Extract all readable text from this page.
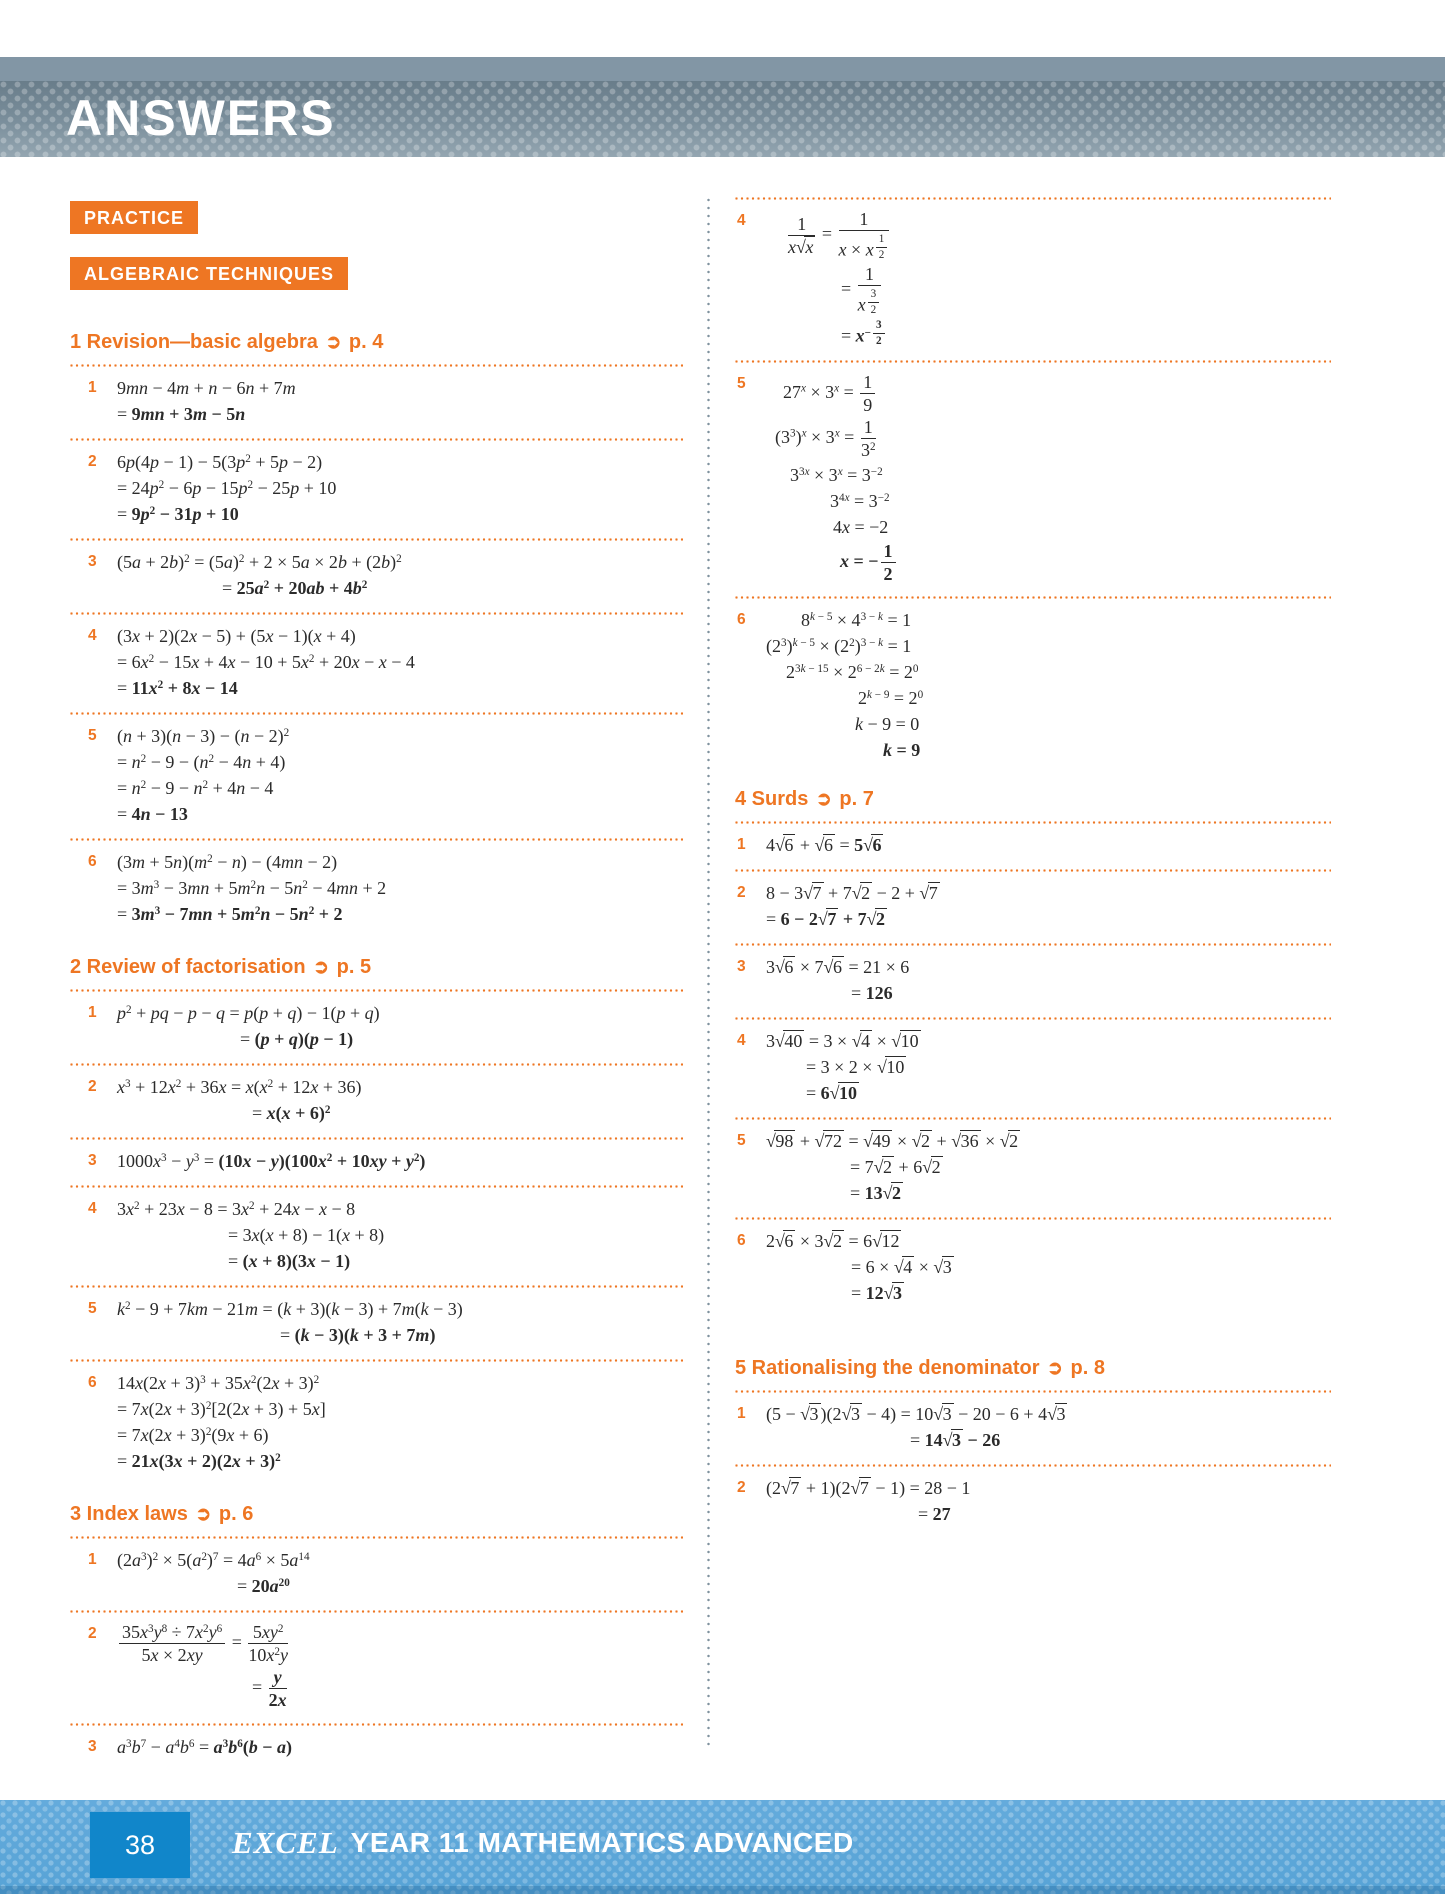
ANSWERS
PRACTICE
ALGEBRAIC TECHNIQUES
1 Revision—basic algebra ➲ p. 4
1	9mn − 4m + n − 6n + 7m
= 9mn + 3m − 5n
2	$6p(4p - 1) - 5(3p^2 + 5p - 2)$
= $24p^2 - 6p - 15p^2 - 25p + 10$
= $9p^2 - 31p + 10$
3	$(5a + 2b)^2 = (5a)^2 + 2 \times 5a \times 2b + (2b)^2$
= $25a^2 + 20ab + 4b^2$
4	(3x + 2)(2x − 5) + (5x − 1)(x + 4)
= $6x^2 - 15x + 4x - 10 + 5x^2 + 20x - x - 4$
= $11x^2 + 8x - 14$
5	$(n + 3)(n - 3) - (n - 2)^2$
= $n^2 - 9 - (n^2 - 4n + 4)$
= $n^2 - 9 - n^2 + 4n - 4$
= 4n − 13
6	$(3m + 5n)(m^2 - n) - (4mn - 2)$
= $3m^3 - 3mn + 5m^2n - 5n^2 - 4mn + 2$
= $3m^3 - 7mn + 5m^2n - 5n^2 + 2$
2 Review of factorisation ➲ p. 5
1	$p^2$ + pq − p − q = p(p + q) − 1(p + q)
= (p + q)(p − 1)
2	$x^3 + 12x^2 + 36x = x(x^2 + 12x + 36)$
= $x(x + 6)^2$
3	$1000x^3 - y^3 = (10x - y)(100x^2 + 10xy + y^2)$
4	$3x^2 + 23x - 8 = 3x^2 + 24x - x - 8$
= 3x(x + 8) − 1(x + 8)
= (x + 8)(3x − 1)
5	$k^2 - 9 + 7km - 21m = (k + 3)(k - 3) + 7m(k - 3)$
= (k − 3)(k + 3 + 7m)
6	$14x(2x + 3)^3 + 35x^2(2x + 3)^2$
= $7x(2x + 3)^2[2(2x + 3) + 5x]$
= $7x(2x + 3)^2(9x + 6)$
= $21x(3x + 2)(2x + 3)^2$
3 Index laws ➲ p. 6
1	$(2a^3)^2 \times 5(a^2)^7 = 4a^6 \times 5a^{14}$
= $20a^{20}$
2	$\frac{35x^3y^8 \div 7x^2y^6}{5x \times 2xy} = \frac{5xy^2}{10x^2y}$
= $\frac{y}{2x}$
3	$a^3b^7 - a^4b^6 = a^3b^6(b - a)$
4	$\frac{1}{x√x} = 1$
x × x $^{\frac{1}{2}}$
= 1
x $^{\frac{3}{2}}$
= $x^{- \frac{3}{2}}$
5	$27^x \times 3^x = \frac{1}{9}$
$(3^3)^x \times 3^x = \frac{1}{3^2}$
$3^{3x} \times 3^x = 3^{-2}$
$3^{4x} = 3^{-2}$
4x = −2
x = − $\frac{1}{2}$
6	$8^{k - 5} \times 4^{3 - k} = 1$
$(2^3)^{k - 5} \times (2^2)^{3 - k} = 1$
$2^{3k - 15} \times 2^{6 - 2k} = 2^0$
$2^{k - 9} = 2^0$
k − 9 = 0
k = 9
4 Surds ➲ p. 7
1	4√6 + √6 = 5√6
2	8 − 3√7 + 7√2 − 2 + √7
= 6 − 2√7 + 7√2
3	3√6 × 7√6 = 21 × 6
= 126
4	3√40 = 3 × √4 × √10
= 3 × 2 × √10
= 6√10
5	√98 + √72 = √49 × √2 + √36 × √2
= 7√2 + 6√2
= 13√2
6	2√6 × 3√2 = 6√12
= 6 × √4 × √3
= 12√3
5 Rationalising the denominator ➲ p. 8
1	(5 − √3 )(2√3 − 4) = 10√3 − 20 − 6 + 4√3
= 14√3 − 26
2	(2√7 + 1)(2√7 − 1) = 28 − 1
= 27
38 EXCEL YEAR 11 MATHEMATICS ADVANCED
